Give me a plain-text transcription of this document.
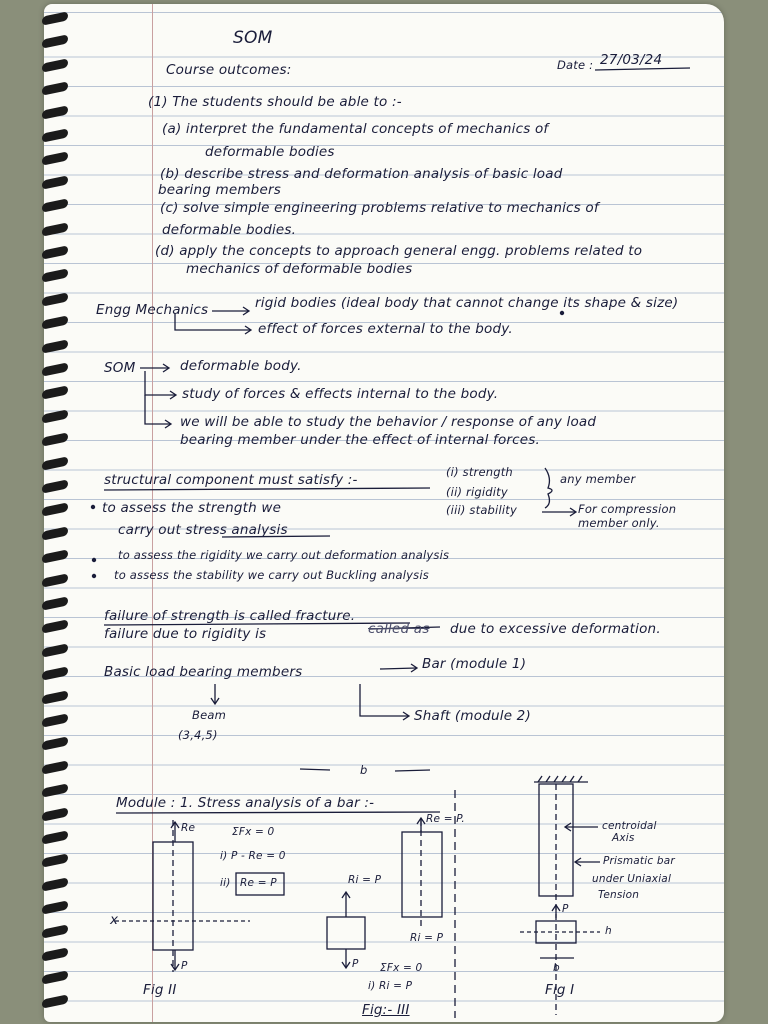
SOM
Course outcomes:	Date : 27/03/24
(1) The students should be able to :-
(a) interpret the fundamental concepts of mechanics of
deformable bodies
(b) describe stress and deformation analysis of basic load
bearing members
(c) solve simple engineering problems relative to mechanics of
deformable bodies.
(d) apply the concepts to approach general engg. problems related to
mechanics of deformable bodies
Engg Mechanics	rigid bodies (ideal body that cannot change its shape & size)
effect of forces external to the body.
SOM	deformable body.
study of forces & effects internal to the body.
we will be able to study the behavior / response of any load
bearing member under the effect of internal forces.
structural component must satisfy :-	(i) strength
(ii) rigidity
(iii) stability
any member
For compression
member only.
to assess the strength we
carry out stress analysis
to assess the rigidity we carry out deformation analysis
to assess the stability we carry out Buckling analysis
failure of strength is called fracture.
failure due to rigidity is	called as due to excessive deformation.
Basic load bearing members	Bar (module 1)
Beam
(3,4,5)
Shaft (module 2)
b
Module : 1. Stress analysis of a bar :-
Re	ΣFx = 0
i) P - Re = 0
ii) Re = P	Ri = P
P	P
x
Fig II
Re = P.
Ri = P
ΣFx = 0
i) Ri = P
Fig:- III
centroidal
Axis
Prismatic bar
under Uniaxial
Tension
P
h
b
Fig I
